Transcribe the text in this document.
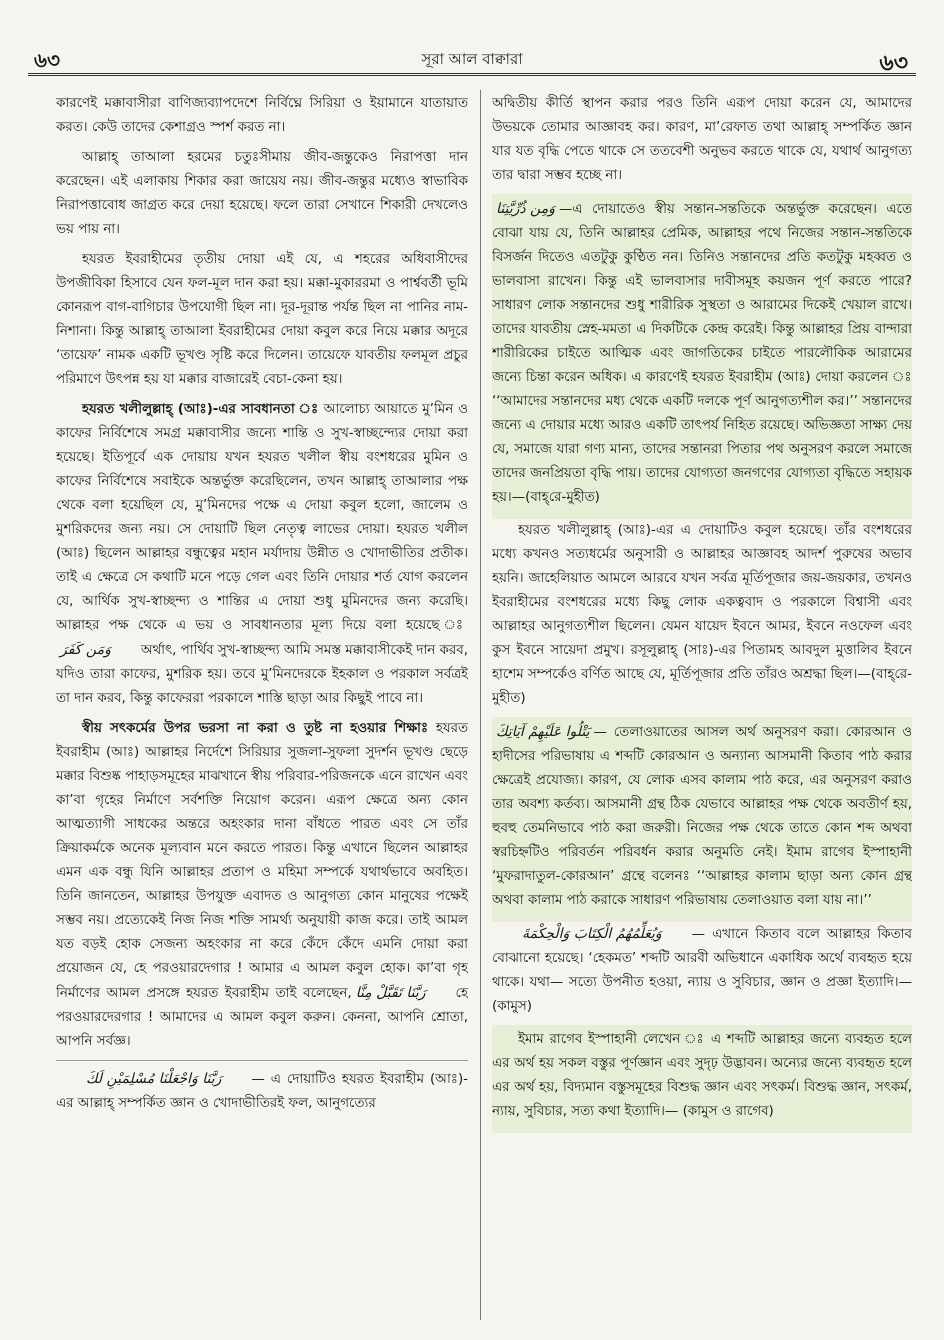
৬৩	সূরা আল বাক্বারা	৬৩

কারণেই মক্কাবাসীরা বাণিজ্যব্যাপদেশে নির্বিঘ্নে সিরিয়া ও ইয়ামানে যাতায়াত করত। কেউ তাদের কেশাগ্রও স্পর্শ করত না।

আল্লাহ্ তাআলা হরমের চতুঃসীমায় জীব-জন্তুকেও নিরাপত্তা দান করেছেন। এই এলাকায় শিকার করা জায়েয নয়। জীব-জন্তুর মধ্যেও স্বাভাবিক নিরাপত্তাবোধ জাগ্রত করে দেয়া হয়েছে। ফলে তারা সেখানে শিকারী দেখলেও ভয় পায় না।

হযরত ইবরাহীমের তৃতীয় দোয়া এই যে, এ শহরের অধিবাসীদের উপজীবিকা হিসাবে যেন ফল-মূল দান করা হয়। মক্কা-মুকাররমা ও পার্শ্ববর্তী ভূমি কোনরূপ বাগ-বাগিচার উপযোগী ছিল না। দূর-দূরান্ত পর্যন্ত ছিল না পানির নাম-নিশানা। কিন্তু আল্লাহ্ তাআলা ইবরাহীমের দোয়া কবুল করে নিয়ে মক্কার অদূরে ‘তায়েফ’ নামক একটি ভূখণ্ড সৃষ্টি করে দিলেন। তায়েফে যাবতীয় ফলমূল প্রচুর পরিমাণে উৎপন্ন হয় যা মক্কার বাজারেই বেচা-কেনা হয়।

হযরত খলীলুল্লাহ্ (আঃ)-এর সাবধানতা ঃ আলোচ্য আয়াতে মু’মিন ও কাফের নির্বিশেষে সমগ্র মক্কাবাসীর জন্যে শান্তি ও সুখ-স্বাচ্ছন্দ্যের দোয়া করা হয়েছে। ইতিপূর্বে এক দোয়ায় যখন হযরত খলীল স্বীয় বংশধরের মুমিন ও কাফের নির্বিশেষে সবাইকে অন্তর্ভুক্ত করেছিলেন, তখন আল্লাহ্ তাআলার পক্ষ থেকে বলা হয়েছিল যে, মু’মিনদের পক্ষে এ দোয়া কবুল হলো, জালেম ও মুশরিকদের জন্য নয়। সে দোয়াটি ছিল নেতৃত্ব লাভের দোয়া। হযরত খলীল (আঃ) ছিলেন আল্লাহর বন্ধুত্বের মহান মর্যাদায় উন্নীত ও খোদাভীতির প্রতীক। তাই এ ক্ষেত্রে সে কথাটি মনে পড়ে গেল এবং তিনি দোয়ার শর্ত যোগ করলেন যে, আর্থিক সুখ-স্বাচ্ছন্দ্য ও শান্তির এ দোয়া শুধু মুমিনদের জন্য করেছি। আল্লাহর পক্ষ থেকে এ ভয় ও সাবধানতার মূল্য দিয়ে বলা হয়েছে ঃوَمَن كَفَرَ অর্থাৎ, পার্থিব সুখ-স্বাচ্ছন্দ্য আমি সমস্ত মক্কাবাসীকেই দান করব, যদিও তারা কাফের, মুশরিক হয়। তবে মু’মিনদেরকে ইহকাল ও পরকাল সর্বত্রই তা দান করব, কিন্তু কাফেররা পরকালে শাস্তি ছাড়া আর কিছুই পাবে না।

স্বীয় সৎকর্মের উপর ভরসা না করা ও তুষ্ট না হওয়ার শিক্ষাঃ হযরত ইবরাহীম (আঃ) আল্লাহর নির্দেশে সিরিয়ার সুজলা-সুফলা সুদর্শন ভূখণ্ড ছেড়ে মক্কার বিশুষ্ক পাহাড়সমূহের মাঝখানে স্বীয় পরিবার-পরিজনকে এনে রাখেন এবং কা’বা গৃহের নির্মাণে সর্বশক্তি নিয়োগ করেন। এরূপ ক্ষেত্রে অন্য কোন আত্মত্যাগী সাধকের অন্তরে অহংকার দানা বাঁধতে পারত এবং সে তাঁর ক্রিয়াকর্মকে অনেক মূল্যবান মনে করতে পারত। কিন্তু এখানে ছিলেন আল্লাহর এমন এক বন্ধু যিনি আল্লাহর প্রতাপ ও মহিমা সম্পর্কে যথার্থভাবে অবহিত। তিনি জানতেন, আল্লাহর উপযুক্ত এবাদত ও আনুগত্য কোন মানুষের পক্ষেই সম্ভব নয়। প্রত্যেকেই নিজ নিজ শক্তি সামর্থ্য অনুযায়ী কাজ করে। তাই আমল যত বড়ই হোক সেজন্য অহংকার না করে কেঁদে কেঁদে এমনি দোয়া করা প্রয়োজন যে, হে পরওয়ারদেগার ! আমার এ আমল কবুল হোক। কা’বা গৃহ নির্মাণের আমল প্রসঙ্গে হযরত ইবরাহীম তাই বলেছেন, رَبَّنَا تَقَبَّلْ مِنَّا হে পরওয়ারদেরগার ! আমাদের এ আমল কবুল করুন। কেননা, আপনি শ্রোতা, আপনি সর্বজ্ঞ।

رَبَّنَا وَاجْعَلْنَا مُسْلِمَيْنِ لَكَ — এ দোয়াটিও হযরত ইবরাহীম (আঃ)-এর আল্লাহ্ সম্পর্কিত জ্ঞান ও খোদাভীতিরই ফল, আনুগত্যের

অদ্বিতীয় কীর্তি স্থাপন করার পরও তিনি এরূপ দোয়া করেন যে, আমাদের উভয়কে তোমার আজ্ঞাবহ কর। কারণ, মা’রেফাত তথা আল্লাহ্ সম্পর্কিত জ্ঞান যার যত বৃদ্ধি পেতে থাকে সে ততবেশী অনুভব করতে থাকে যে, যথার্থ আনুগত্য তার দ্বারা সম্ভব হচ্ছে না।

وَمِن ذُرِّيَّتِنَا —এ দোয়াতেও স্বীয় সন্তান-সন্ততিকে অন্তর্ভুক্ত করেছেন। এতে বোঝা যায় যে, তিনি আল্লাহর প্রেমিক, আল্লাহর পথে নিজের সন্তান-সন্ততিকে বিসর্জন দিতেও এতটুকু কুণ্ঠিত নন। তিনিও সন্তানদের প্রতি কতটুকু মহব্বত ও ভালবাসা রাখেন। কিন্তু এই ভালবাসার দাবীসমূহ কয়জন পূর্ণ করতে পারে? সাধারণ লোক সন্তানদের শুধু শারীরিক সুস্থতা ও আরামের দিকেই খেয়াল রাখে। তাদের যাবতীয় স্নেহ-মমতা এ দিকটিকে কেন্দ্র করেই। কিন্তু আল্লাহর প্রিয় বান্দারা শারীরিকের চাইতে আত্মিক এবং জাগতিকের চাইতে পারলৌকিক আরামের জন্যে চিন্তা করেন অধিক। এ কারণেই হযরত ইবরাহীম (আঃ) দোয়া করলেন ঃ ‘‘আমাদের সন্তানদের মধ্য থেকে একটি দলকে পূর্ণ আনুগত্যশীল কর।’’ সন্তানদের জন্যে এ দোয়ার মধ্যে আরও একটি তাৎপর্য নিহিত রয়েছে। অভিজ্ঞতা সাক্ষ্য দেয় যে, সমাজে যারা গণ্য মান্য, তাদের সন্তানরা পিতার পথ অনুসরণ করলে সমাজে তাদের জনপ্রিয়তা বৃদ্ধি পায়। তাদের যোগ্যতা জনগণের যোগ্যতা বৃদ্ধিতে সহায়ক হয়।—(বাহ্‌রে-মুহীত)

হযরত খলীলুল্লাহ্ (আঃ)-এর এ দোয়াটিও কবুল হয়েছে। তাঁর বংশধরের মধ্যে কখনও সত্যধর্মের অনুসারী ও আল্লাহর আজ্ঞাবহ আদর্শ পুরুষের অভাব হয়নি। জাহেলিয়াত আমলে আরবে যখন সর্বত্র মূর্তিপূজার জয়-জয়কার, তখনও ইবরাহীমের বংশধরের মধ্যে কিছু লোক একত্ববাদ ও পরকালে বিশ্বাসী এবং আল্লাহর আনুগত্যশীল ছিলেন। যেমন যায়েদ ইবনে আমর, ইবনে নওফেল এবং কুস ইবনে সায়েদা প্রমুখ। রসূলুল্লাহ্ (সাঃ)-এর পিতামহ আবদুল মুত্তালিব ইবনে হাশেম সম্পর্কেও বর্ণিত আছে যে, মূর্তিপূজার প্রতি তাঁরও অশ্রদ্ধা ছিল।—(বাহ্‌রে-মুহীত)

يَتْلُوا عَلَيْهِمْ آيَاتِكَ — তেলাওয়াতের আসল অর্থ অনুসরণ করা। কোরআন ও হাদীসের পরিভাষায় এ শব্দটি কোরআন ও অন্যান্য আসমানী কিতাব পাঠ করার ক্ষেত্রেই প্রযোজ্য। কারণ, যে লোক এসব কালাম পাঠ করে, এর অনুসরণ করাও তার অবশ্য কর্তব্য। আসমানী গ্রন্থ ঠিক যেভাবে আল্লাহর পক্ষ থেকে অবতীর্ণ হয়, হুবহু তেমনিভাবে পাঠ করা জরুরী। নিজের পক্ষ থেকে তাতে কোন শব্দ অথবা স্বরচিহ্নটিও পরিবর্তন পরিবর্ধন করার অনুমতি নেই। ইমাম রাগেব ইস্পাহানী ‘মুফরাদাতুল-কোরআন’ গ্রন্থে বলেনঃ ‘‘আল্লাহর কালাম ছাড়া অন্য কোন গ্রন্থ অথবা কালাম পাঠ করাকে সাধারণ পরিভাষায় তেলাওয়াত বলা যায় না।’’

وَيُعَلِّمُهُمُ الْكِتَابَ وَالْحِكْمَةَ — এখানে কিতাব বলে আল্লাহর কিতাব বোঝানো হয়েছে। ‘হেকমত’ শব্দটি আরবী অভিধানে একাধিক অর্থে ব্যবহৃত হয়ে থাকে। যথা— সত্যে উপনীত হওয়া, ন্যায় ও সুবিচার, জ্ঞান ও প্রজ্ঞা ইত্যাদি।— (কামুস)

ইমাম রাগেব ইস্পাহানী লেখেন ঃ এ শব্দটি আল্লাহর জন্যে ব্যবহৃত হলে এর অর্থ হয় সকল বস্তুর পূর্ণজ্ঞান এবং সুদৃঢ় উদ্ভাবন। অন্যের জন্যে ব্যবহৃত হলে এর অর্থ হয়, বিদ্যমান বস্তুসমূহের বিশুদ্ধ জ্ঞান এবং সৎকর্ম। বিশুদ্ধ জ্ঞান, সৎকর্ম, ন্যায়, সুবিচার, সত্য কথা ইত্যাদি।— (কামুস ও রাগেব)
